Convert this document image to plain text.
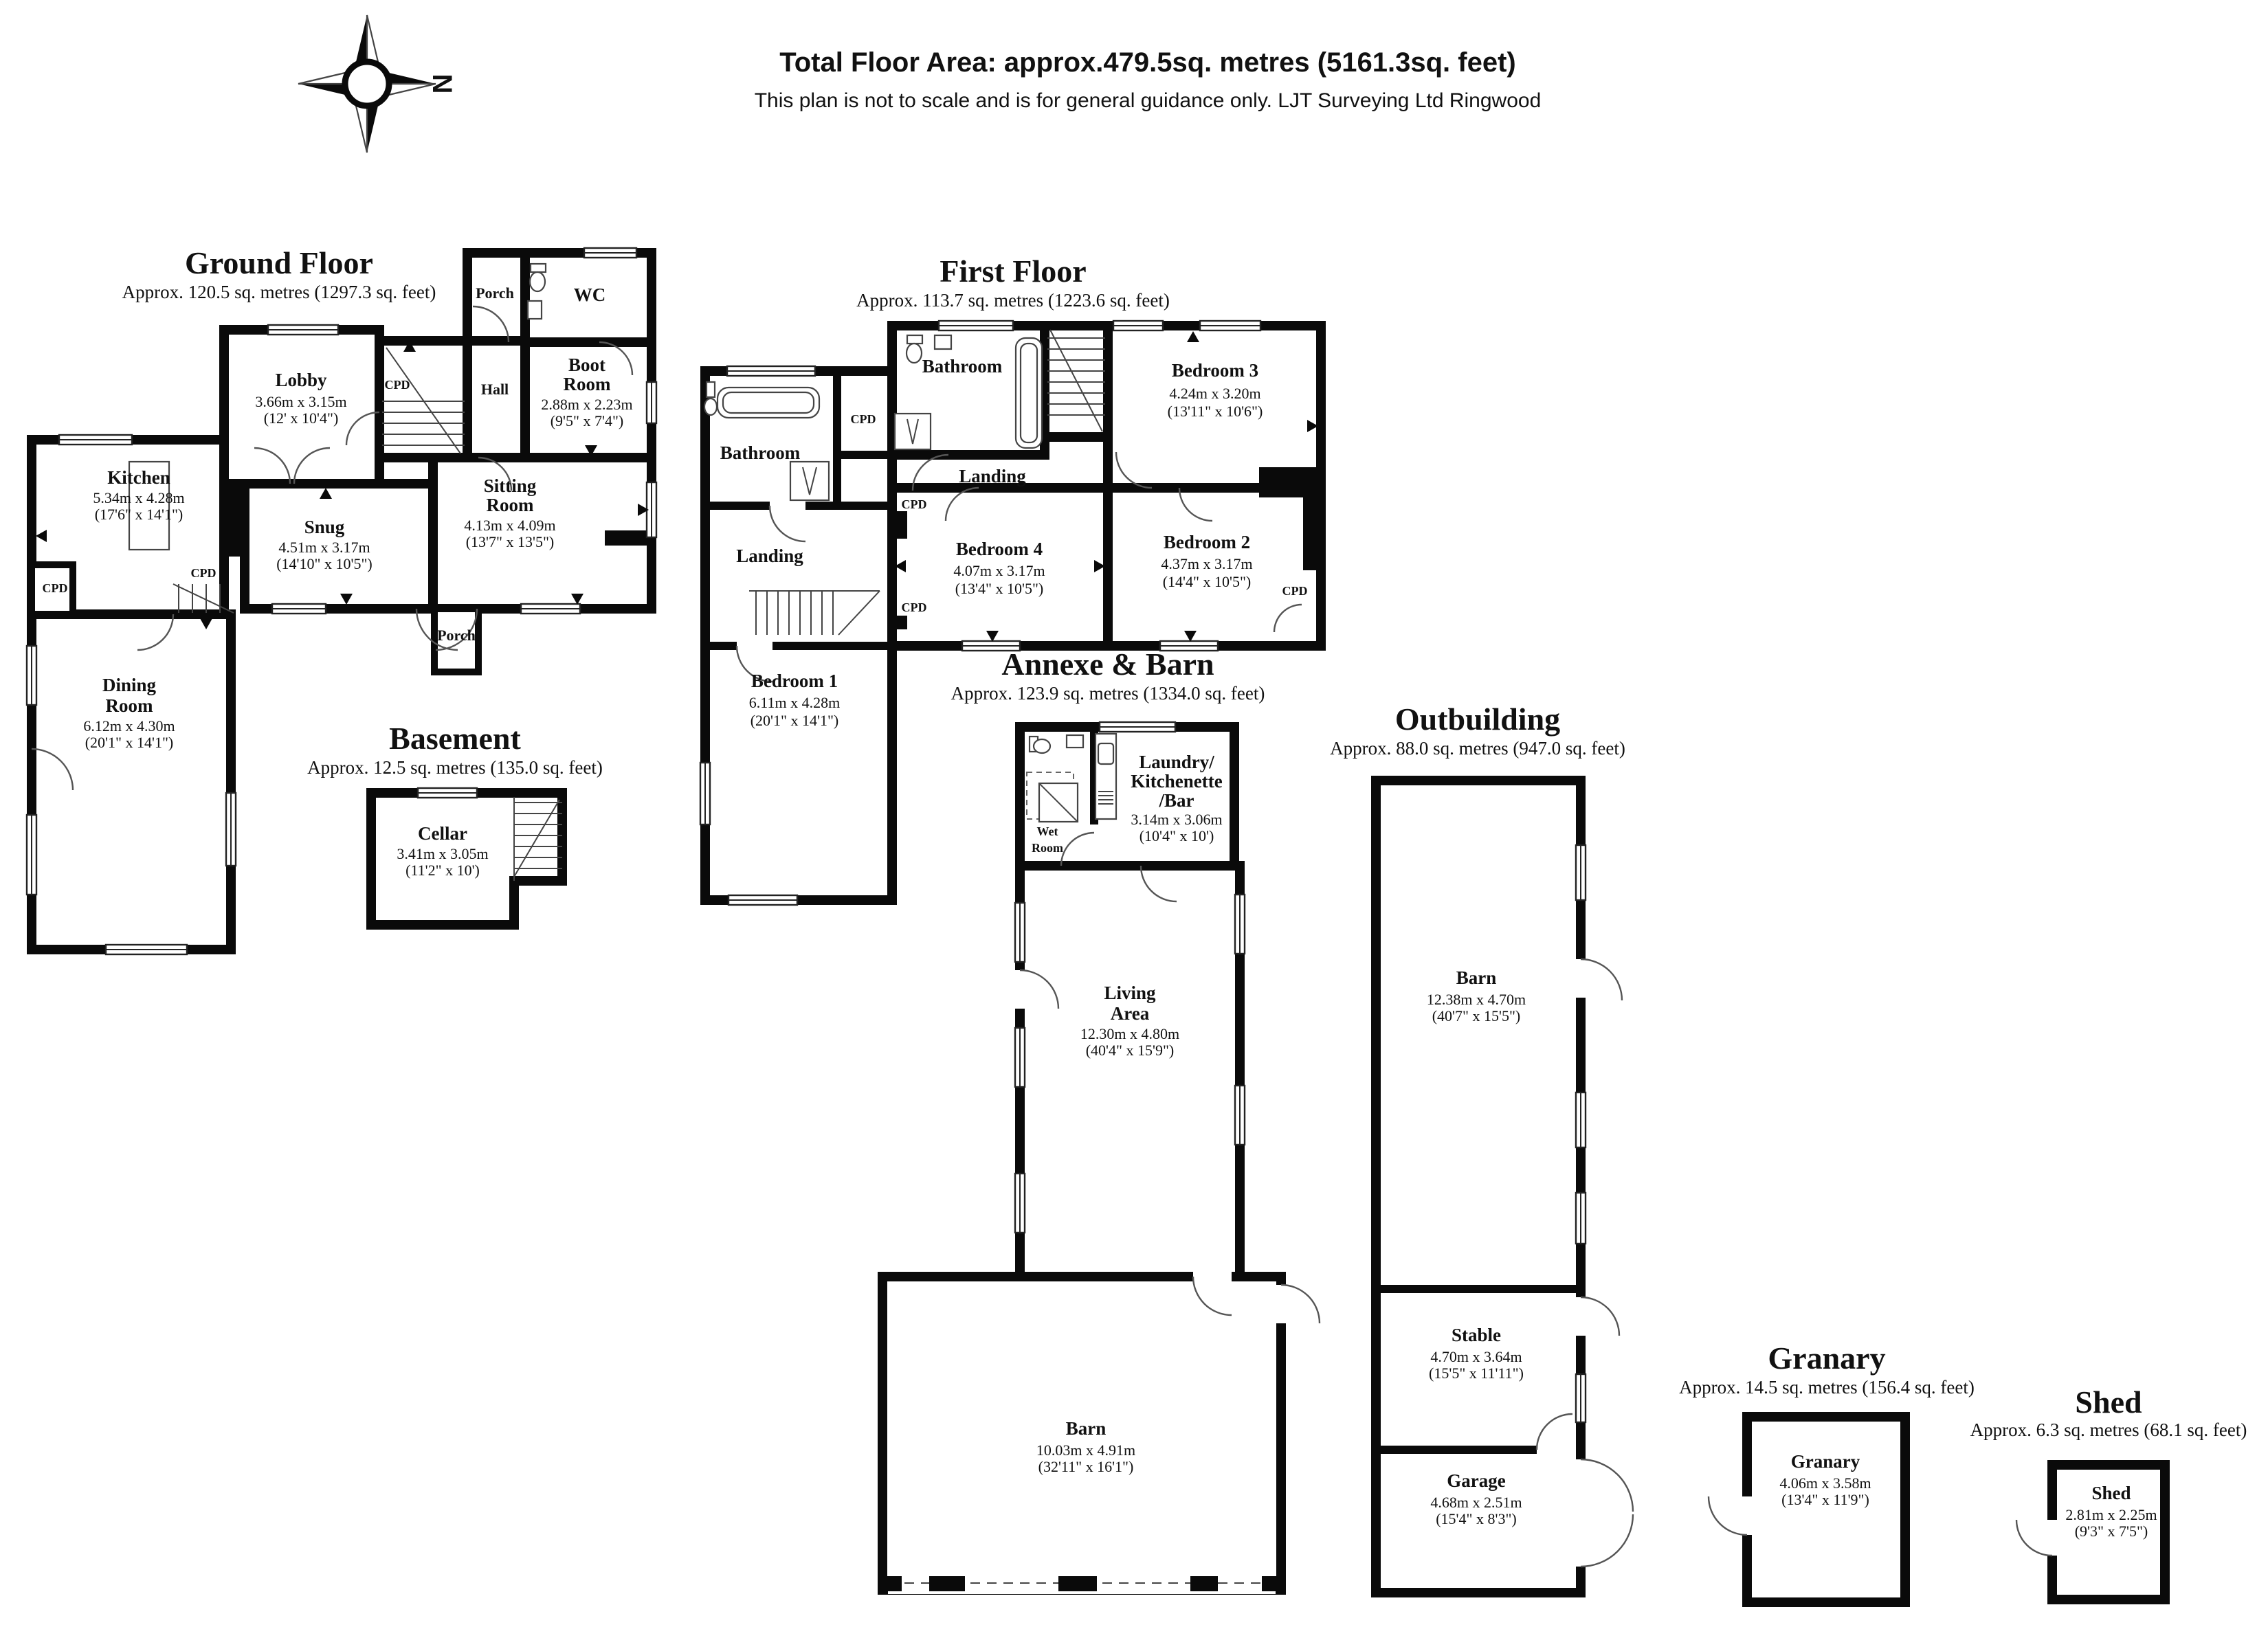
N
Total Floor Area: approx.479.5sq. metres (5161.3sq. feet)
This plan is not to scale and is for general guidance only. LJT Surveying Ltd Ringwood
Ground Floor
Approx. 120.5 sq. metres (1297.3 sq. feet)	Porch	WC
Hall
Lobby
3.66m x 3.15m
(12' x 10'4")
CPD
Boot
Room
2.88m x 2.23m
(9'5" x 7'4")
Kitchen
5.34m x 4.28m
(17'6" x 14'1")
Snug
4.51m x 3.17m
(14'10" x 10'5")
Sitting
Room
4.13m x 4.09m
(13'7" x 13'5")
CPD
CPD
Porch
Dining
Room
6.12m x 4.30m
(20'1" x 14'1")	Basement
Approx. 12.5 sq. metres (135.0 sq. feet)
Cellar
3.41m x 3.05m
(11'2" x 10')
First Floor
Approx. 113.7 sq. metres (1223.6 sq. feet)
Bathroom
CPD
Bathroom
Bedroom 3
4.24m x 3.20m
(13'11" x 10'6")
Landing
Landing
CPD
CPD
CPD
Bedroom 4
4.07m x 3.17m
(13'4" x 10'5")
Bedroom 2
4.37m x 3.17m
(14'4" x 10'5")
Bedroom 1
6.11m x 4.28m
(20'1" x 14'1")
Annexe & Barn
Approx. 123.9 sq. metres (1334.0 sq. feet)
Wet
Room
Laundry/
Kitchenette
/Bar
3.14m x 3.06m
(10'4" x 10')
Living
Area
12.30m x 4.80m
(40'4" x 15'9")
Barn
10.03m x 4.91m
(32'11" x 16'1")
Outbuilding
Approx. 88.0 sq. metres (947.0 sq. feet)
Barn
12.38m x 4.70m
(40'7" x 15'5")
Stable
4.70m x 3.64m
(15'5" x 11'11")
Garage
4.68m x 2.51m
(15'4" x 8'3")
Granary
Approx. 14.5 sq. metres (156.4 sq. feet)
Granary
4.06m x 3.58m
(13'4" x 11'9")
Shed
Approx. 6.3 sq. metres (68.1 sq. feet)
Shed
2.81m x 2.25m
(9'3" x 7'5")
